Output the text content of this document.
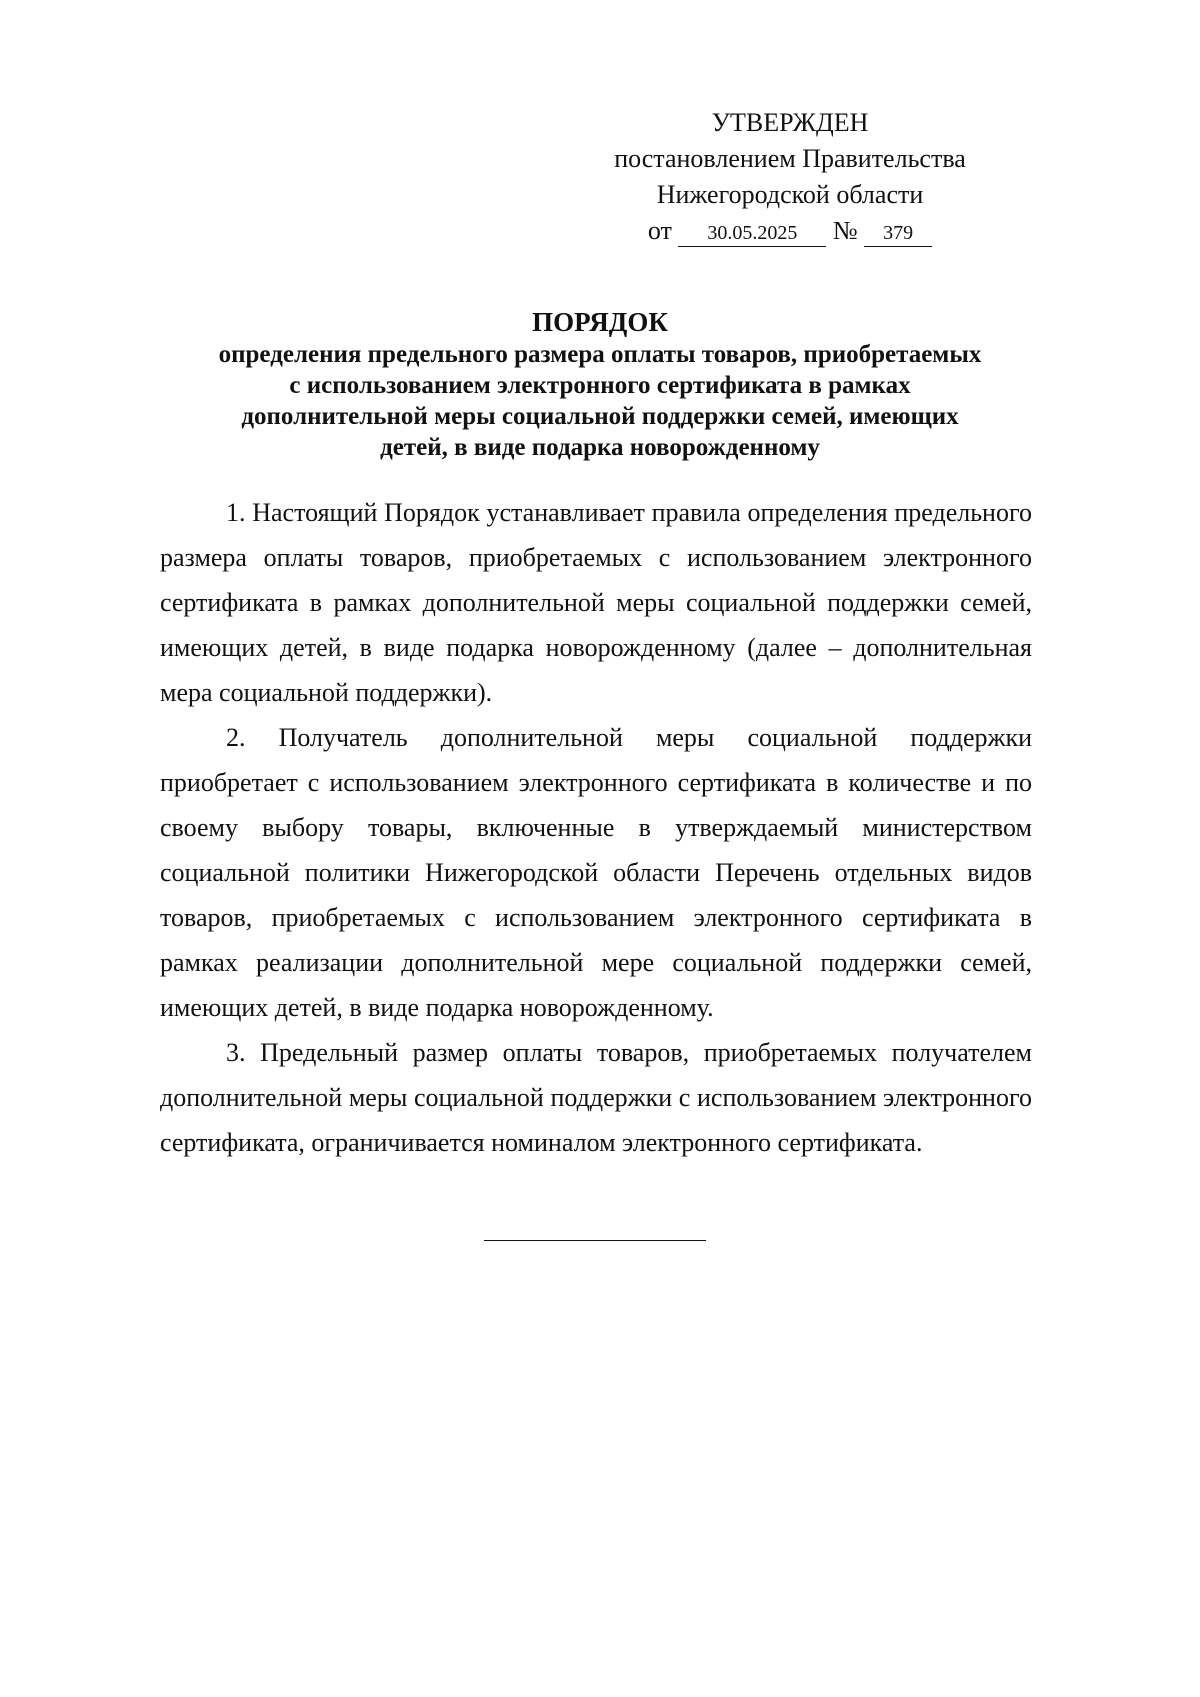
УТВЕРЖДЕН
постановлением Правительства
Нижегородской области
от 30.05.2025 № 379
ПОРЯДОК
определения предельного размера оплаты товаров, приобретаемых
с использованием электронного сертификата в рамках
дополнительной меры социальной поддержки семей, имеющих
детей, в виде подарка новорожденному

1. Настоящий Порядок устанавливает правила определения предельного размера оплаты товаров, приобретаемых с использованием электронного сертификата в рамках дополнительной меры социальной поддержки семей, имеющих детей, в виде подарка новорожденному (далее – дополнительная мера социальной поддержки).

2. Получатель дополнительной меры социальной поддержки приобретает с использованием электронного сертификата в количестве и по своему выбору товары, включенные в утверждаемый министерством социальной политики Нижегородской области Перечень отдельных видов товаров, приобретаемых с использованием электронного сертификата в рамках реализации дополнительной мере социальной поддержки семей, имеющих детей, в виде подарка новорожденному.

3. Предельный размер оплаты товаров, приобретаемых получателем дополнительной меры социальной поддержки с использованием электронного сертификата, ограничивается номиналом электронного сертификата.
